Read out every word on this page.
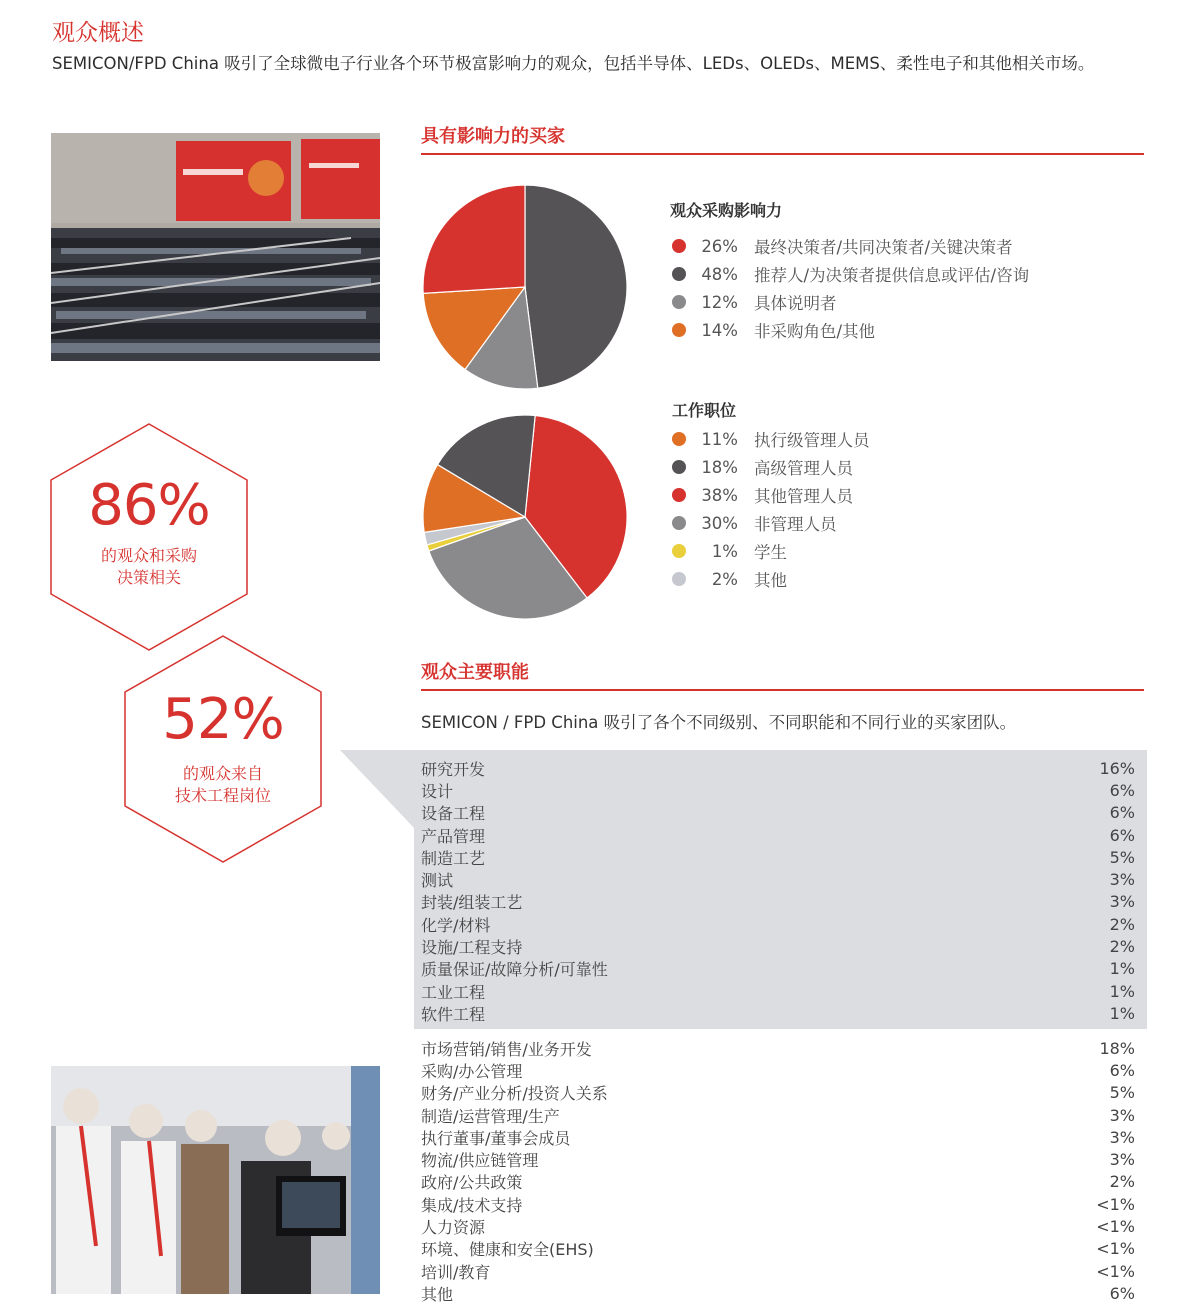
观众概述
SEMICON/FPD China 吸引了全球微电子行业各个环节极富影响力的观众，包括半导体、LEDs、OLEDs、MEMS、柔性电子和其他相关市场。
86%
的观众和采购
决策相关
52%
的观众来自
技术工程岗位
具有影响力的买家
观众采购影响力
26% 最终决策者/共同决策者/关键决策者
48% 推荐人/为决策者提供信息或评估/咨询
12% 具体说明者
14% 非采购角色/其他
工作职位
11% 执行级管理人员
18% 高级管理人员
38% 其他管理人员
30% 非管理人员
1% 学生
2% 其他
观众主要职能
SEMICON / FPD China 吸引了各个不同级别、不同职能和不同行业的买家团队。
研究开发	16%
设计	6%
设备工程	6%
产品管理	6%
制造工艺	5%
测试	3%
封装/组装工艺	3%
化学/材料	2%
设施/工程支持	2%
质量保证/故障分析/可靠性	1%
工业工程	1%
软件工程	1%
市场营销/销售/业务开发	18%
采购/办公管理	6%
财务/产业分析/投资人关系	5%
制造/运营管理/生产	3%
执行董事/董事会成员	3%
物流/供应链管理	3%
政府/公共政策	2%
集成/技术支持	<1%
人力资源	<1%
环境、健康和安全(EHS)	<1%
培训/教育	<1%
其他	6%
